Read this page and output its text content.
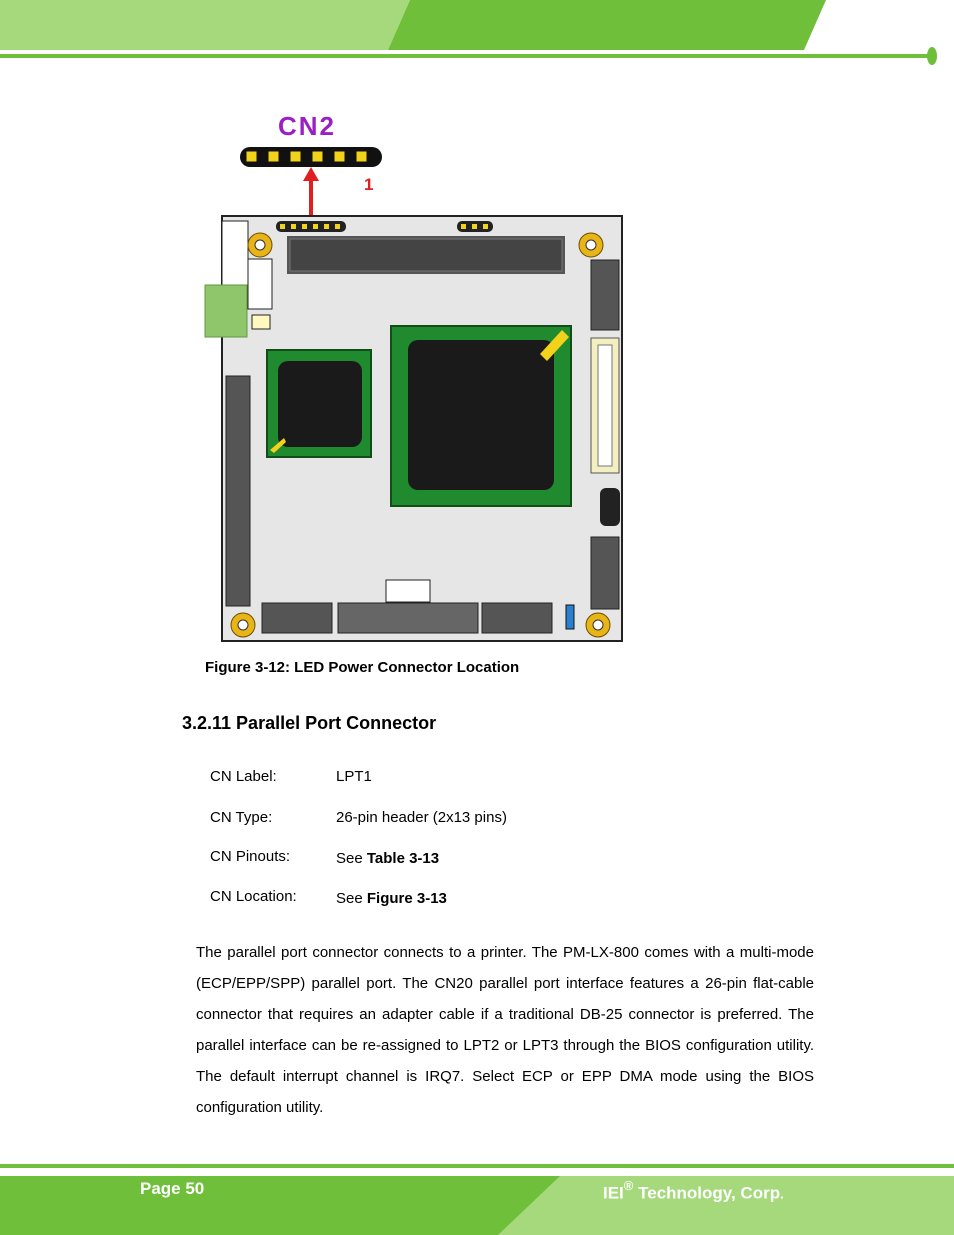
CN2
1
Figure 3-12: LED Power Connector Location
3.2.11 Parallel Port Connector
CN Label:	LPT1
CN Type:	26-pin header (2x13 pins)
CN Pinouts:	See Table 3-13
CN Location:	See Figure 3-13
The parallel port connector connects to a printer. The PM-LX-800 comes with a multi-mode (ECP/EPP/SPP) parallel port. The CN20 parallel port interface features a 26-pin flat-cable connector that requires an adapter cable if a traditional DB-25 connector is preferred. The parallel interface can be re-assigned to LPT2 or LPT3 through the BIOS configuration utility. The default interrupt channel is IRQ7. Select ECP or EPP DMA mode using the BIOS configuration utility.
Page 50	IEI® Technology, Corp.
